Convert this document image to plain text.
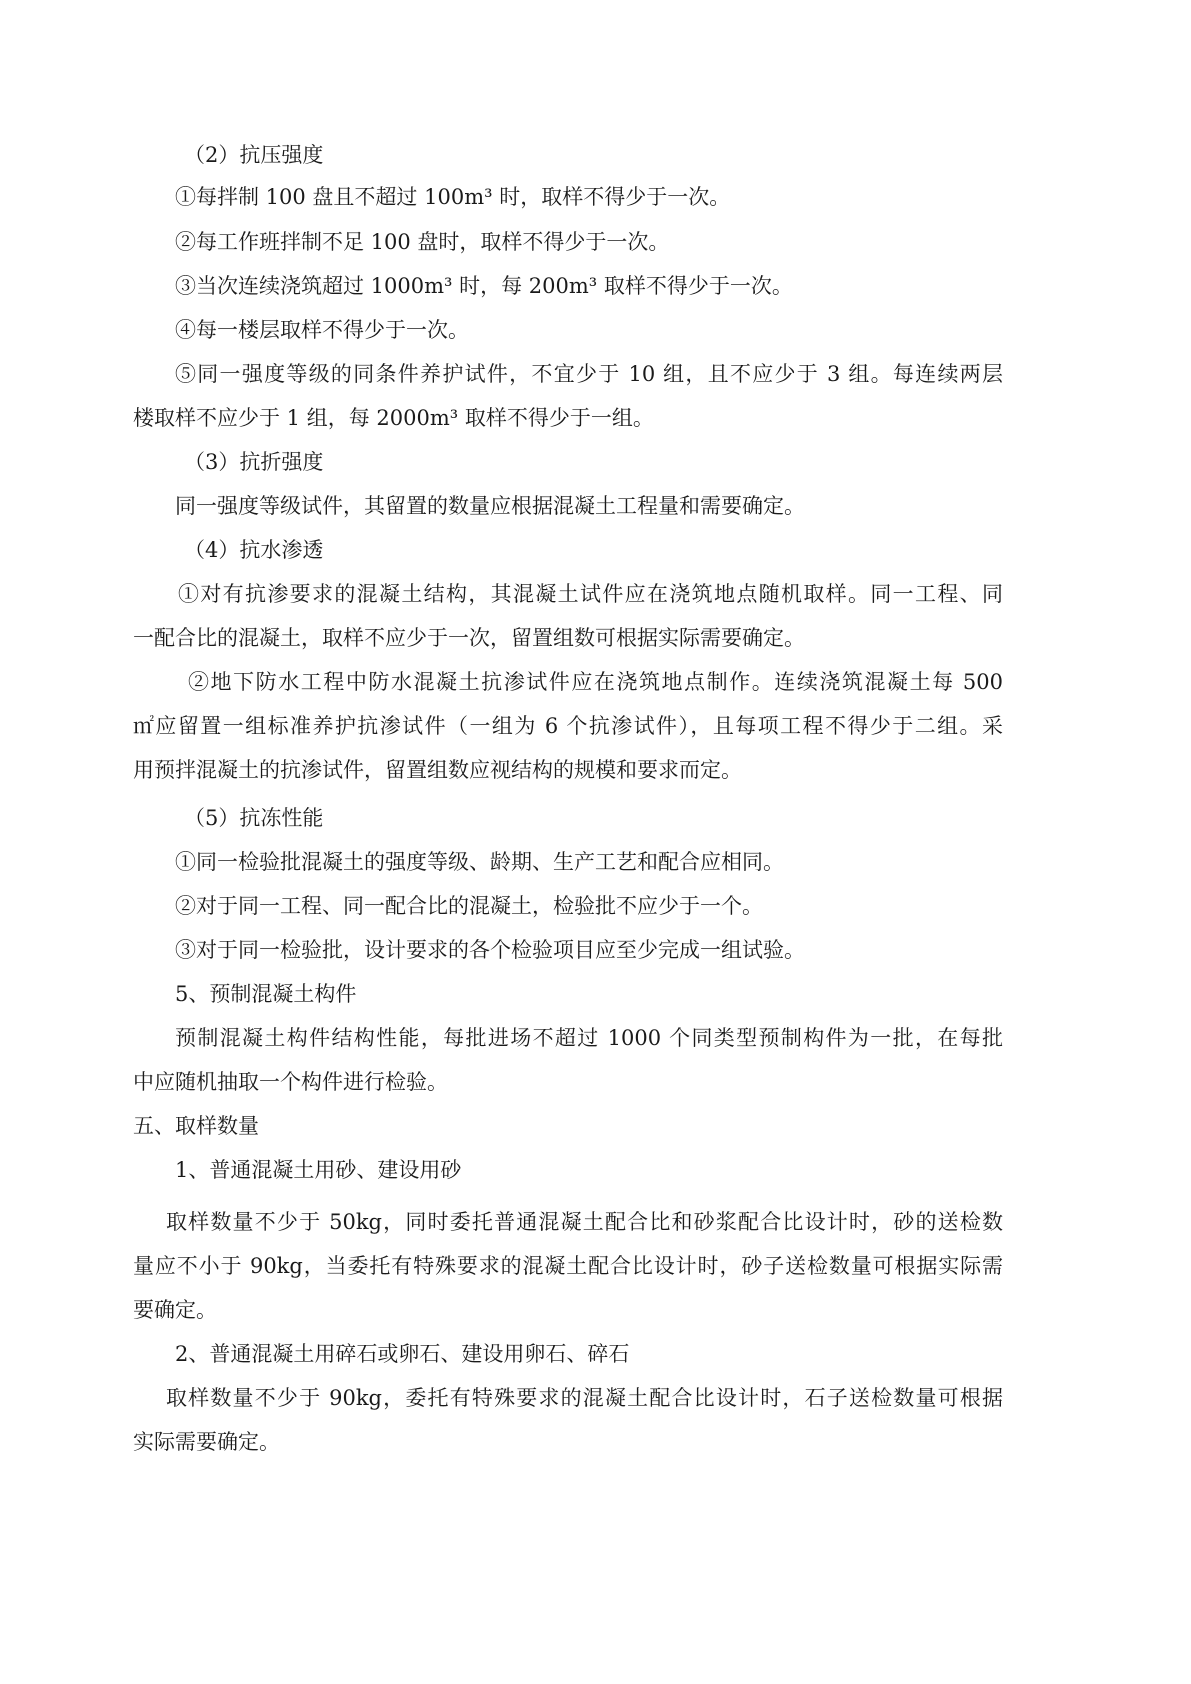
（2）抗压强度
①每拌制 100 盘且不超过 100m³ 时，取样不得少于一次。
②每工作班拌制不足 100 盘时，取样不得少于一次。
③当次连续浇筑超过 1000m³ 时，每 200m³ 取样不得少于一次。
④每一楼层取样不得少于一次。
⑤同一强度等级的同条件养护试件，不宜少于 10 组，且不应少于 3 组。每连续两层
楼取样不应少于 1 组，每 2000m³ 取样不得少于一组。
（3）抗折强度
同一强度等级试件，其留置的数量应根据混凝土工程量和需要确定。
（4）抗水渗透
①对有抗渗要求的混凝土结构，其混凝土试件应在浇筑地点随机取样。同一工程、同
一配合比的混凝土，取样不应少于一次，留置组数可根据实际需要确定。
②地下防水工程中防水混凝土抗渗试件应在浇筑地点制作。连续浇筑混凝土每 500
㎡应留置一组标准养护抗渗试件（一组为 6 个抗渗试件），且每项工程不得少于二组。采
用预拌混凝土的抗渗试件，留置组数应视结构的规模和要求而定。
（5）抗冻性能
①同一检验批混凝土的强度等级、龄期、生产工艺和配合应相同。
②对于同一工程、同一配合比的混凝土，检验批不应少于一个。
③对于同一检验批，设计要求的各个检验项目应至少完成一组试验。
5、预制混凝土构件
预制混凝土构件结构性能，每批进场不超过 1000 个同类型预制构件为一批，在每批
中应随机抽取一个构件进行检验。
五、取样数量
1、普通混凝土用砂、建设用砂
取样数量不少于 50kg，同时委托普通混凝土配合比和砂浆配合比设计时，砂的送检数
量应不小于 90kg，当委托有特殊要求的混凝土配合比设计时，砂子送检数量可根据实际需
要确定。
2、普通混凝土用碎石或卵石、建设用卵石、碎石
取样数量不少于 90kg，委托有特殊要求的混凝土配合比设计时，石子送检数量可根据
实际需要确定。
